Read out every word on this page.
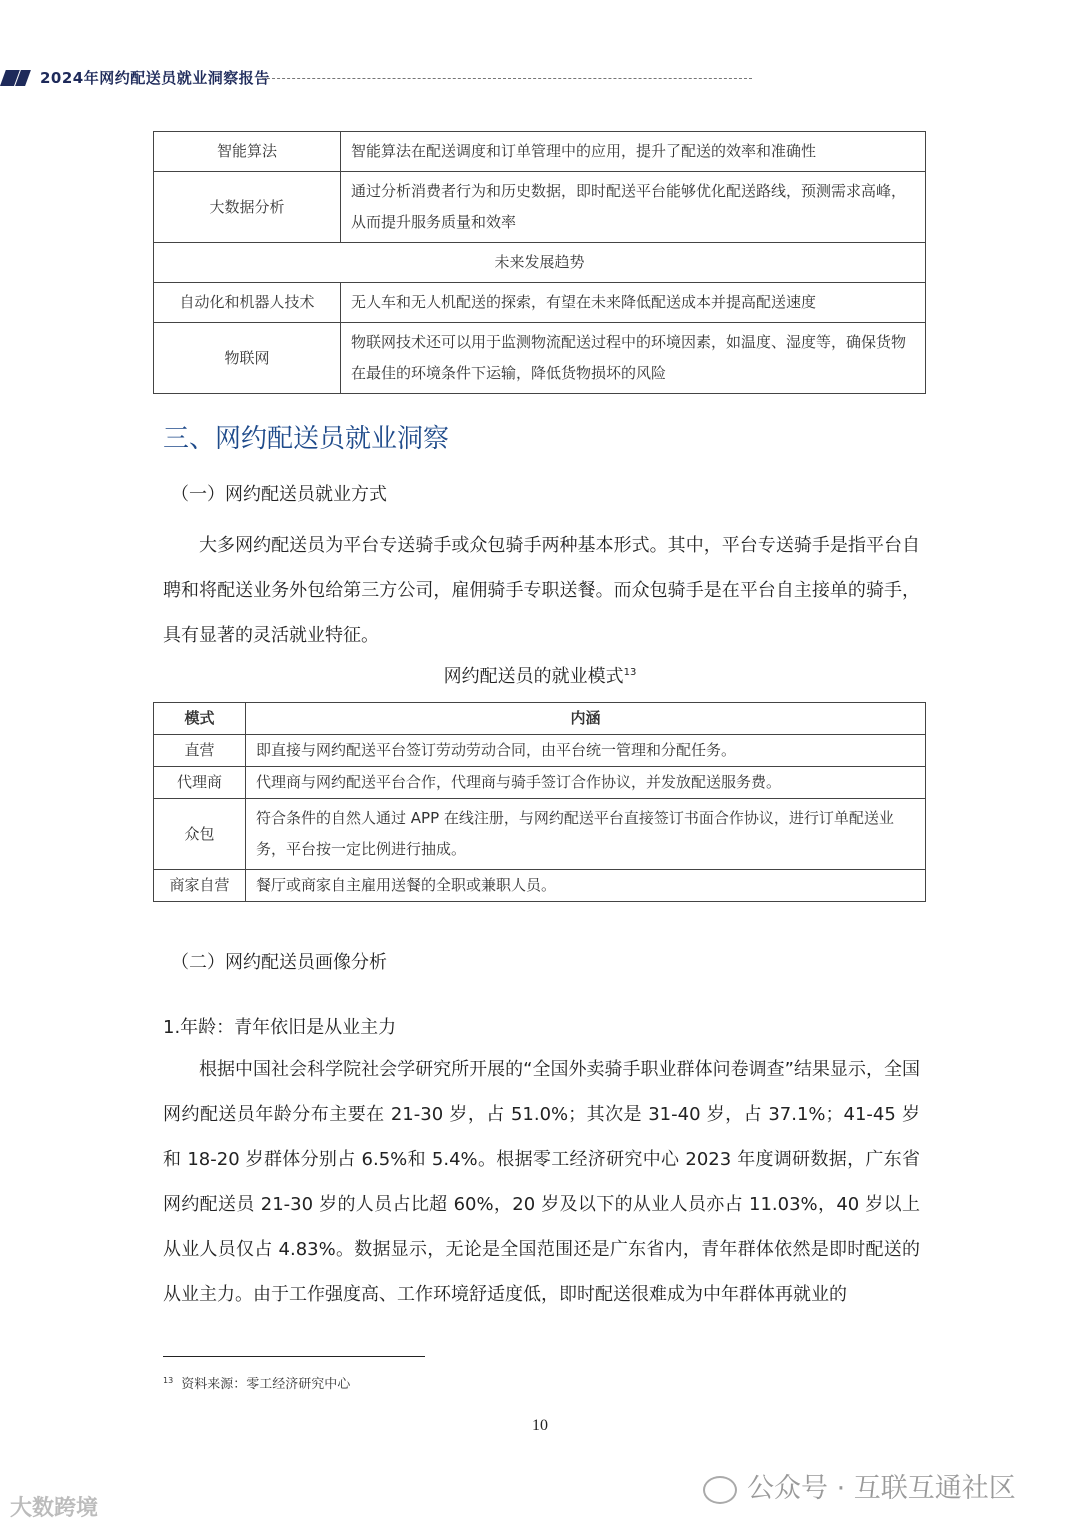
2024年网约配送员就业洞察报告
智能算法	智能算法在配送调度和订单管理中的应用，提升了配送的效率和准确性
大数据分析	通过分析消费者行为和历史数据，即时配送平台能够优化配送路线，预测需求高峰，从而提升服务质量和效率
未来发展趋势	
自动化和机器人技术	无人车和无人机配送的探索，有望在未来降低配送成本并提高配送速度
物联网	物联网技术还可以用于监测物流配送过程中的环境因素，如温度、湿度等，确保货物在最佳的环境条件下运输，降低货物损坏的风险
三、网约配送员就业洞察
（一）网约配送员就业方式
大多网约配送员为平台专送骑手或众包骑手两种基本形式。其中，平台专送骑手是指平台自聘和将配送业务外包给第三方公司，雇佣骑手专职送餐。而众包骑手是在平台自主接单的骑手，具有显著的灵活就业特征。
网约配送员的就业模式$^{13}$
模式	内涵
直营	即直接与网约配送平台签订劳动劳动合同，由平台统一管理和分配任务。
代理商	代理商与网约配送平台合作，代理商与骑手签订合作协议，并发放配送服务费。
众包	符合条件的自然人通过 APP 在线注册，与网约配送平台直接签订书面合作协议，进行订单配送业务，平台按一定比例进行抽成。
商家自营	餐厅或商家自主雇用送餐的全职或兼职人员。
（二）网约配送员画像分析
1.年龄：青年依旧是从业主力
根据中国社会科学院社会学研究所开展的“全国外卖骑手职业群体问卷调查”结果显示，全国网约配送员年龄分布主要在 21-30 岁，占 51.0%；其次是 31-40 岁，占 37.1%；41-45 岁和 18-20 岁群体分别占 6.5%和 5.4%。根据零工经济研究中心 2023 年度调研数据，广东省网约配送员 21-30 岁的人员占比超 60%，20 岁及以下的从业人员亦占 11.03%，40 岁以上从业人员仅占 4.83%。数据显示，无论是全国范围还是广东省内，青年群体依然是即时配送的从业主力。由于工作强度高、工作环境舒适度低，即时配送很难成为中年群体再就业的
$^{13}$ 资料来源：零工经济研究中心
10
公众号 · 互联互通社区
大数跨境
